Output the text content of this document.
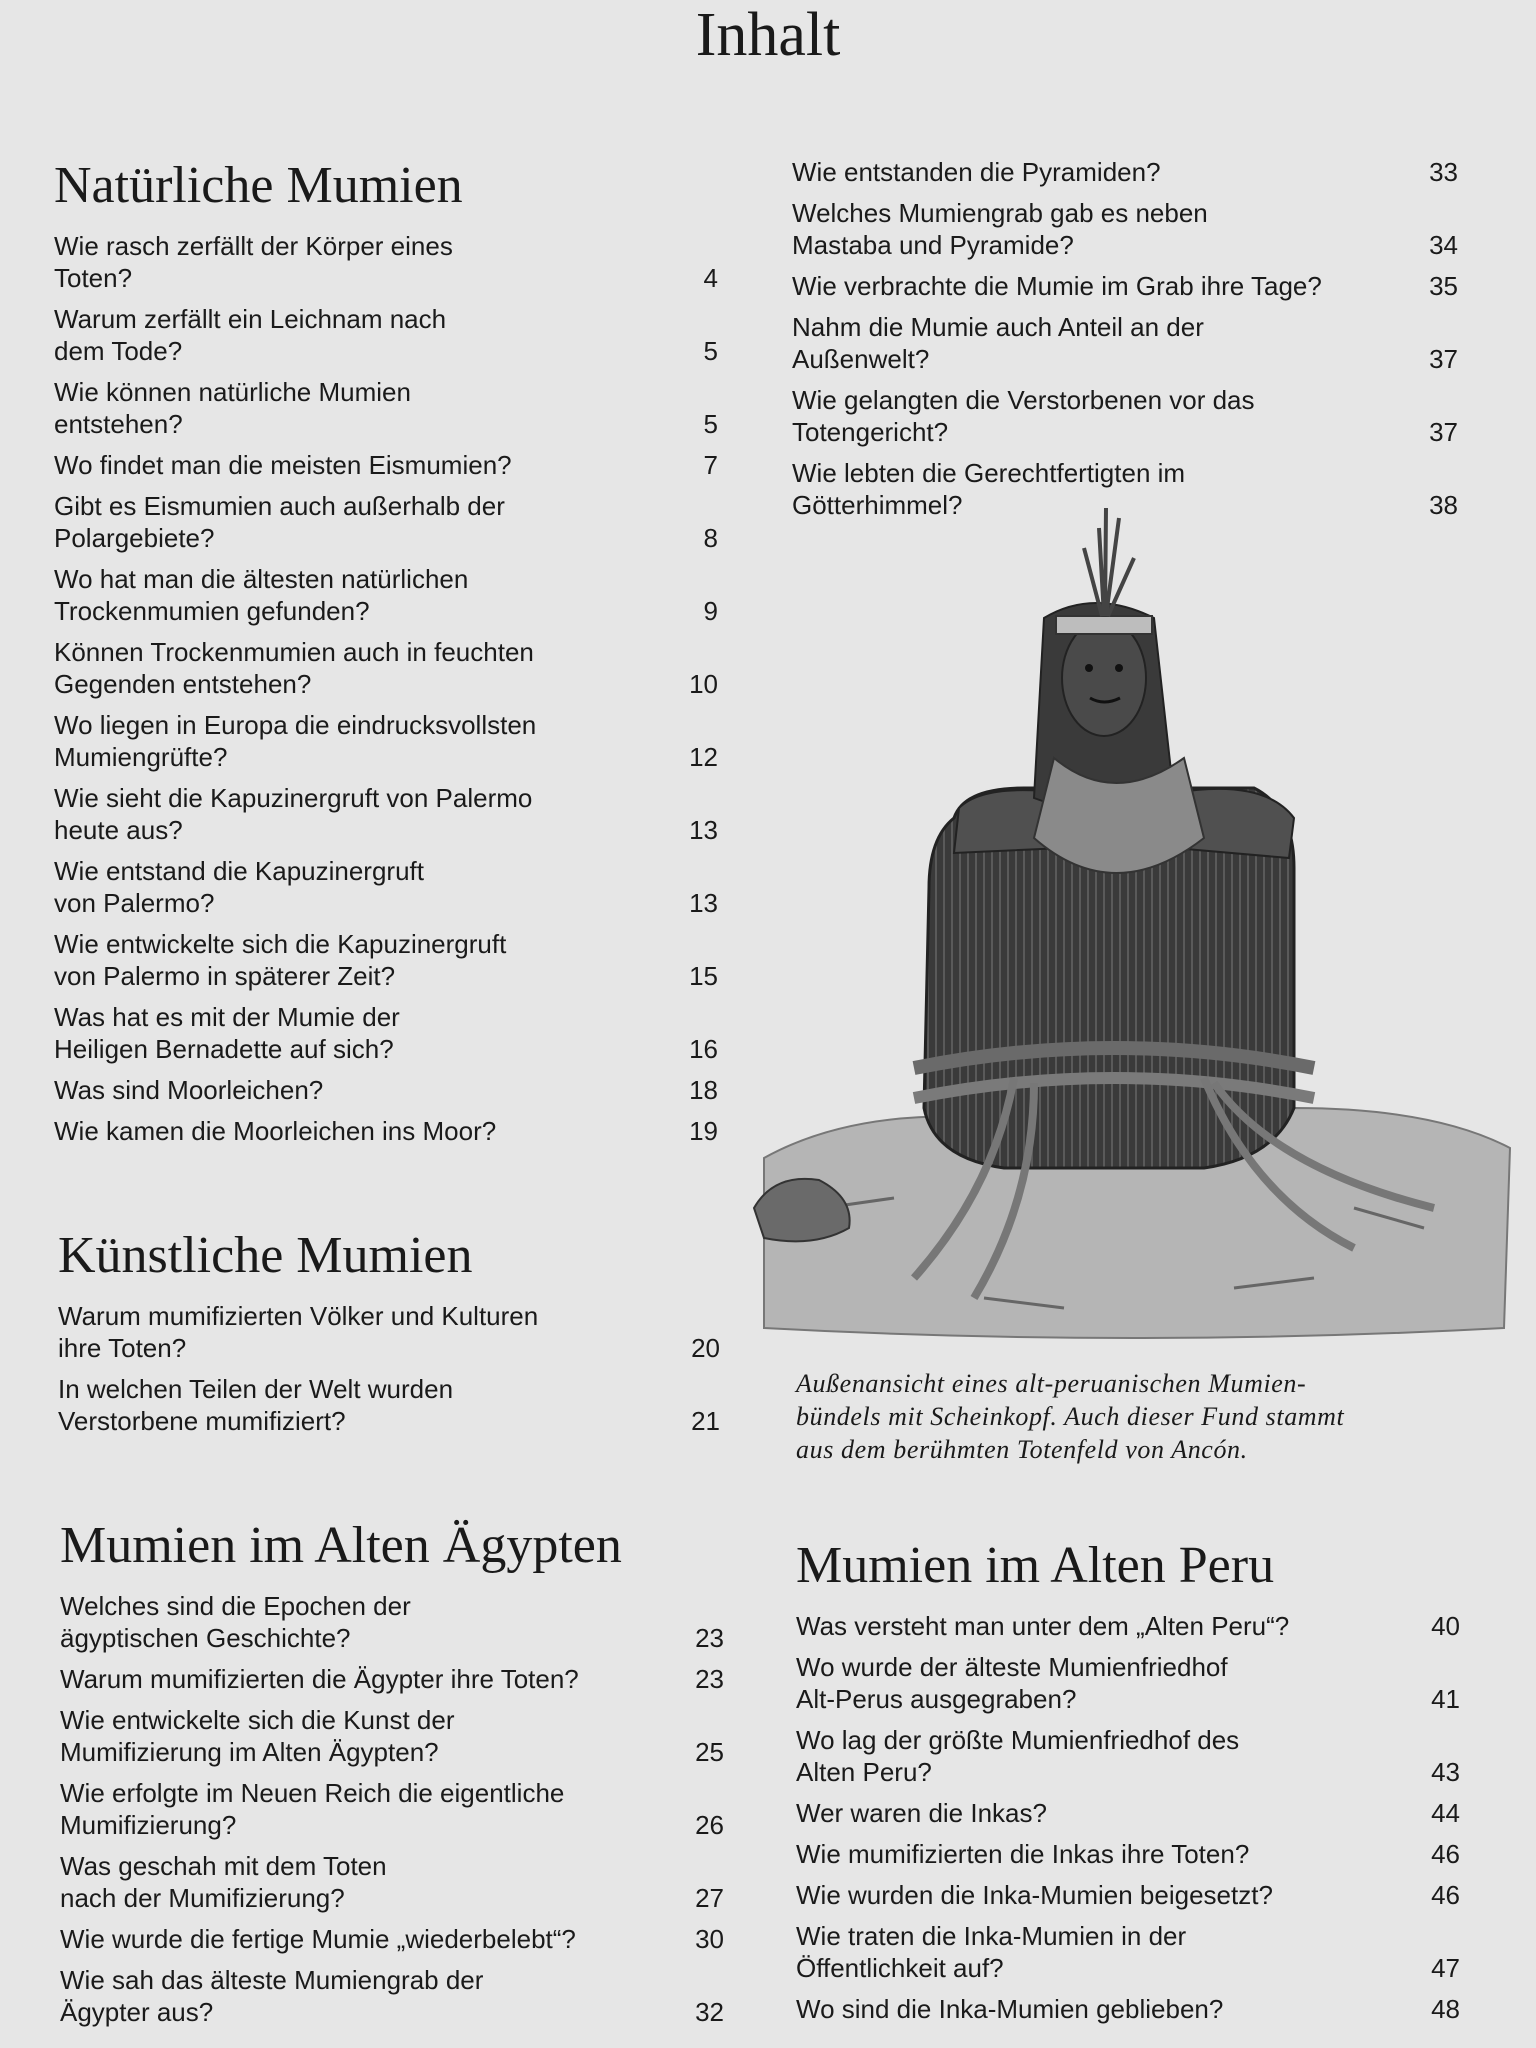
Inhalt
Natürliche Mumien
Wie rasch zerfällt der Körper eines
Toten?	4
Warum zerfällt ein Leichnam nach
dem Tode?	5
Wie können natürliche Mumien
entstehen?	5
Wo findet man die meisten Eismumien?	7
Gibt es Eismumien auch außerhalb der
Polargebiete?	8
Wo hat man die ältesten natürlichen
Trockenmumien gefunden?	9
Können Trockenmumien auch in feuchten
Gegenden entstehen?	10
Wo liegen in Europa die eindrucksvollsten
Mumiengrüfte?	12
Wie sieht die Kapuzinergruft von Palermo
heute aus?	13
Wie entstand die Kapuzinergruft
von Palermo?	13
Wie entwickelte sich die Kapuzinergruft
von Palermo in späterer Zeit?	15
Was hat es mit der Mumie der
Heiligen Bernadette auf sich?	16
Was sind Moorleichen?	18
Wie kamen die Moorleichen ins Moor?	19
Künstliche Mumien
Warum mumifizierten Völker und Kulturen
ihre Toten?	20
In welchen Teilen der Welt wurden
Verstorbene mumifiziert?	21
Mumien im Alten Ägypten
Welches sind die Epochen der
ägyptischen Geschichte?	23
Warum mumifizierten die Ägypter ihre Toten?	23
Wie entwickelte sich die Kunst der
Mumifizierung im Alten Ägypten?	25
Wie erfolgte im Neuen Reich die eigentliche
Mumifizierung?	26
Was geschah mit dem Toten
nach der Mumifizierung?	27
Wie wurde die fertige Mumie „wiederbelebt“?	30
Wie sah das älteste Mumiengrab der
Ägypter aus?	32
Wie entstanden die Pyramiden?	33
Welches Mumiengrab gab es neben
Mastaba und Pyramide?	34
Wie verbrachte die Mumie im Grab ihre Tage?	35
Nahm die Mumie auch Anteil an der
Außenwelt?	37
Wie gelangten die Verstorbenen vor das
Totengericht?	37
Wie lebten die Gerechtfertigten im
Götterhimmel?	38
Mumien im Alten Peru
Was versteht man unter dem „Alten Peru“?	40
Wo wurde der älteste Mumienfriedhof
Alt-Perus ausgegraben?	41
Wo lag der größte Mumienfriedhof des
Alten Peru?	43
Wer waren die Inkas?	44
Wie mumifizierten die Inkas ihre Toten?	46
Wie wurden die Inka-Mumien beigesetzt?	46
Wie traten die Inka-Mumien in der
Öffentlichkeit auf?	47
Wo sind die Inka-Mumien geblieben?	48
Außenansicht eines alt-peruanischen Mumien-
bündels mit Scheinkopf. Auch dieser Fund stammt
aus dem berühmten Totenfeld von Ancón.
